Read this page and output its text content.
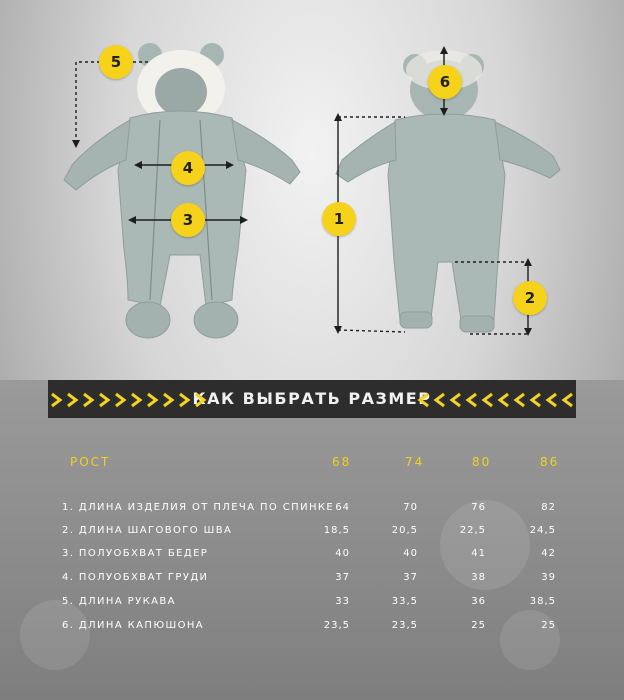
5
4
3
6
1
2
КАК ВЫБРАТЬ РАЗМЕР
РОСТ	68	74	80	86
1. ДЛИНА ИЗДЕЛИЯ ОТ ПЛЕЧА ПО СПИНКЕ 64	70	76	82
2. ДЛИНА ШАГОВОГО ШВА	18,5	20,5	22,5	24,5
3. ПОЛУОБХВАТ БЕДЕР	40	40	41	42
4. ПОЛУОБХВАТ ГРУДИ	37	37	38	39
5. ДЛИНА РУКАВА	33	33,5	36	38,5
6. ДЛИНА КАПЮШОНА	23,5	23,5	25	25
